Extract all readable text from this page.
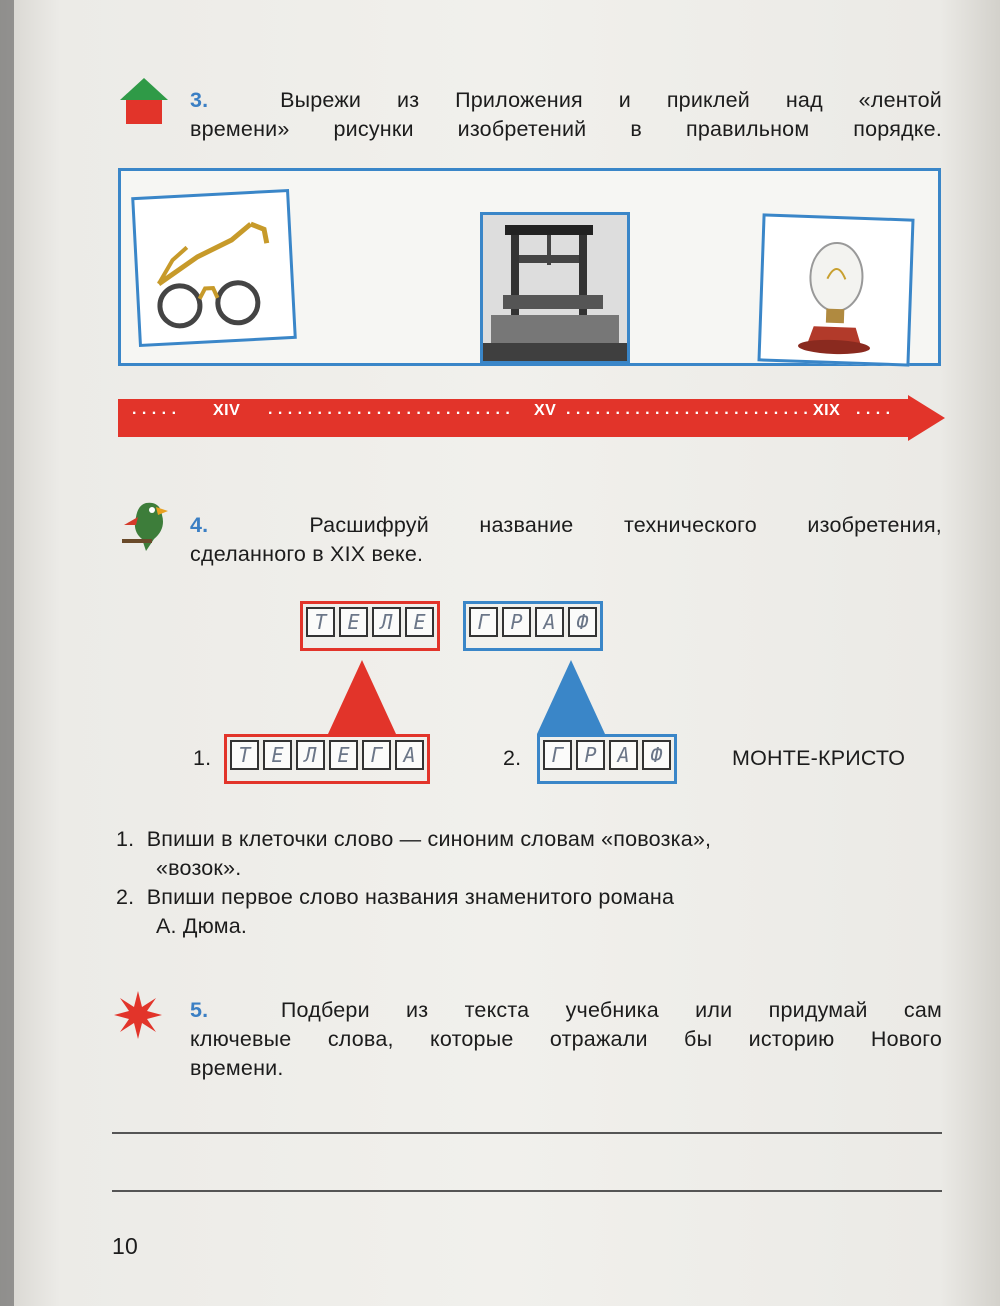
3.	Вырежи из Приложения и приклей над «лентой
времени» рисунки изобретений в правильном порядке.
. . . . . XIV . . . . . . . . . . . . . . . . . . . . . . . . . XV . . . . . . . . . . . . . . . . . . . . . . . . . XIX . . . .
4.	Расшифруй название технического изобретения,
сделанного в XIX веке.
Т	Е	Л	Е	Г	Р	А	Ф
1.	Т	Е	Л	Е	Г	А	2.	Г	Р	А	Ф	МОНТЕ-КРИСТО
1. Впиши в клеточки слово — синоним словам «повозка»,
«возок».
2. Впиши первое слово названия знаменитого романа
А. Дюма.
5.	Подбери из текста учебника или придумай сам
ключевые слова, которые отражали бы историю Нового
времени.
10
